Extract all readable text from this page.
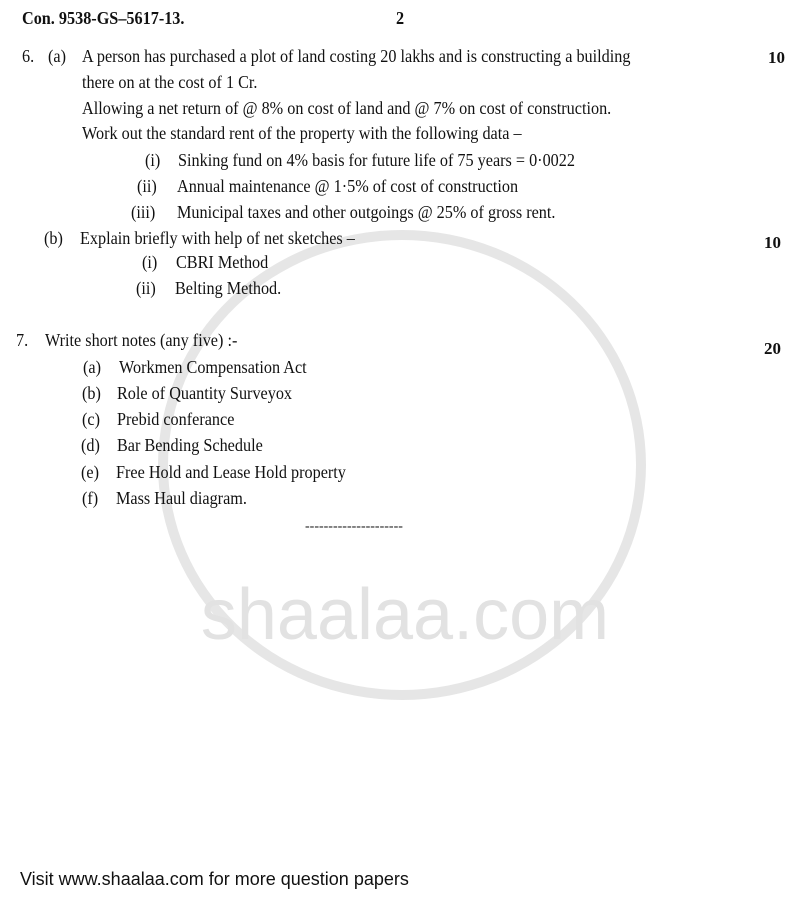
shaalaa.com
Con. 9538-GS–5617-13.	2
6. (a) A person has purchased a plot of land costing 20 lakhs and is constructing a building	10
there on at the cost of 1 Cr.
Allowing a net return of @ 8% on cost of land and @ 7% on cost of construction.
Work out the standard rent of the property with the following data –
(i) Sinking fund on 4% basis for future life of 75 years = 0·0022
(ii) Annual maintenance @ 1·5% of cost of construction
(iii) Municipal taxes and other outgoings @ 25% of gross rent.
(b) Explain briefly with help of net sketches –	10
(i) CBRI Method
(ii) Belting Method.
7. Write short notes (any five) :-	20
(a) Workmen Compensation Act
(b) Role of Quantity Surveyox
(c) Prebid conferance
(d) Bar Bending Schedule
(e) Free Hold and Lease Hold property
(f) Mass Haul diagram.
---------------------
Visit www.shaalaa.com for more question papers
